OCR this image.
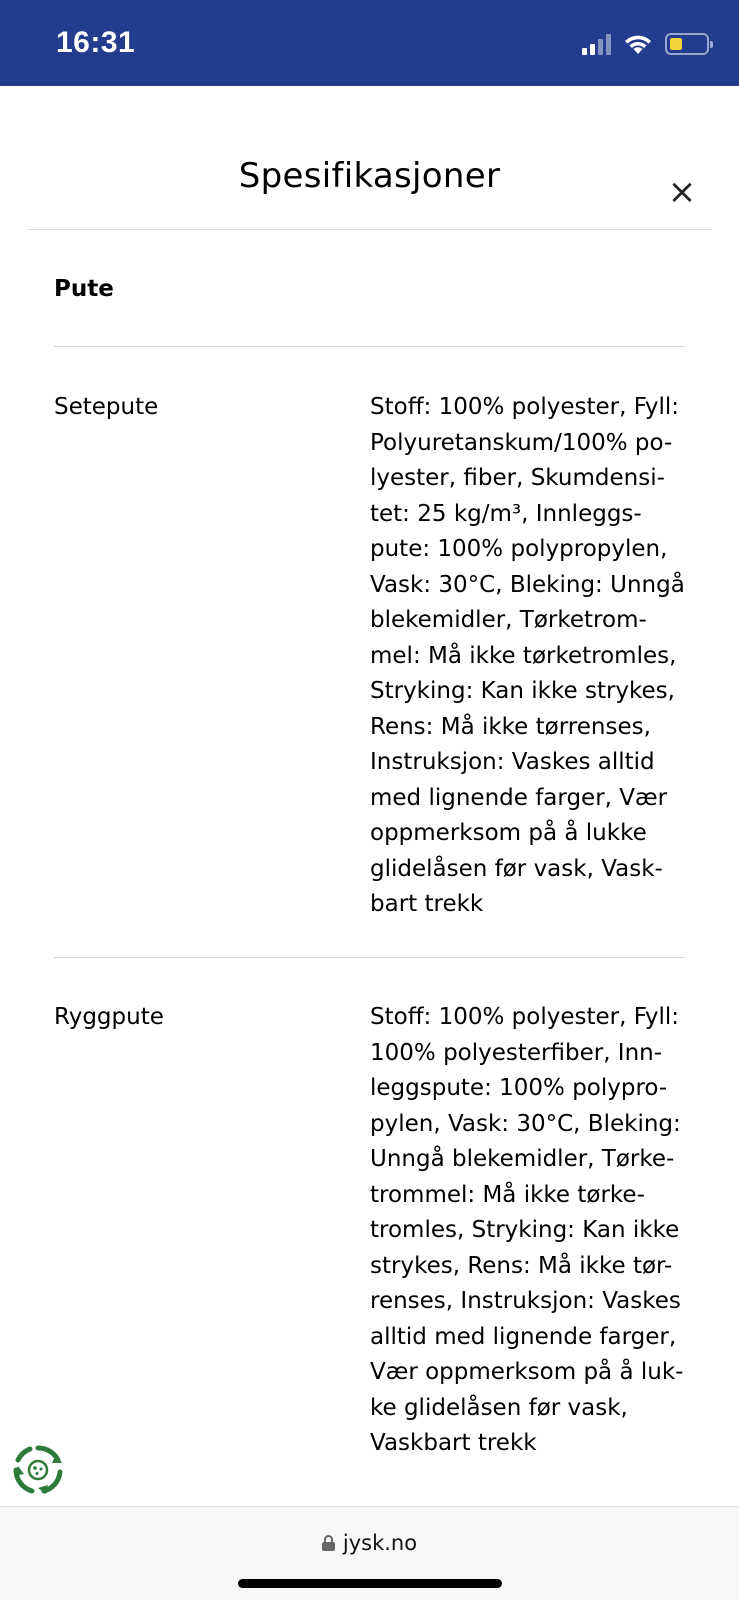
16:31
Spesifikasjoner	×
Pute
Setepute	Stoff: 100% polyester, Fyll:
Polyuretanskum/100% po-
lyester, fiber, Skumdensi-
tet: 25 kg/m³, Innleggs-
pute: 100% polypropylen,
Vask: 30°C, Bleking: Unngå
blekemidler, Tørketrom-
mel: Må ikke tørketromles,
Stryking: Kan ikke strykes,
Rens: Må ikke tørrenses,
Instruksjon: Vaskes alltid
med lignende farger, Vær
oppmerksom på å lukke
glidelåsen før vask, Vask-
bart trekk
Ryggpute	Stoff: 100% polyester, Fyll:
100% polyesterfiber, Inn-
leggspute: 100% polypro-
pylen, Vask: 30°C, Bleking:
Unngå blekemidler, Tørke-
trommel: Må ikke tørke-
tromles, Stryking: Kan ikke
strykes, Rens: Må ikke tør-
renses, Instruksjon: Vaskes
alltid med lignende farger,
Vær oppmerksom på å luk-
ke glidelåsen før vask,
Vaskbart trekk
jysk.no
